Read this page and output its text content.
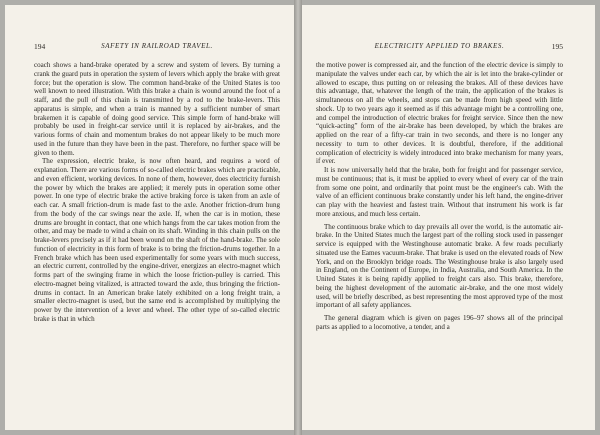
194	SAFETY IN RAILROAD TRAVEL.

coach shows a hand-brake operated by a screw and system of levers. By turning a crank the guard puts in operation the system of levers which apply the brake with great force; but the operation is slow. The common hand-brake of the United States is too well known to need illustration. With this brake a chain is wound around the foot of a staff, and the pull of this chain is transmitted by a rod to the brake-levers. This apparatus is simple, and when a train is manned by a sufficient number of smart brakemen it is capable of doing good service. This simple form of hand-brake will probably be used in freight-car service until it is replaced by air-brakes, and the various forms of chain and momentum brakes do not appear likely to be much more used in the future than they have been in the past. Therefore, no further space will be given to them.

The expression, electric brake, is now often heard, and requires a word of explanation. There are various forms of so-called electric brakes which are practicable, and even efficient, working devices. In none of them, however, does electricity furnish the power by which the brakes are applied; it merely puts in operation some other power. In one type of electric brake the active braking force is taken from an axle of each car. A small friction-drum is made fast to the axle. Another friction-drum hung from the body of the car swings near the axle. If, when the car is in motion, these drums are brought in contact, that one which hangs from the car takes motion from the other, and may be made to wind a chain on its shaft. Winding in this chain pulls on the brake-levers precisely as if it had been wound on the shaft of the hand-brake. The sole function of electricity in this form of brake is to bring the friction-drums together. In a French brake which has been used experimentally for some years with much success, an electric current, controlled by the engine-driver, energizes an electro-magnet which forms part of the swinging frame in which the loose friction-pulley is carried. This electro-magnet being vitalized, is attracted toward the axle, thus bringing the friction-drums in contact. In an American brake lately exhibited on a long freight train, a smaller electro-magnet is used, but the same end is accomplished by multiplying the power by the intervention of a lever and wheel. The other type of so-called electric brake is that in which

ELECTRICITY APPLIED TO BRAKES.	195

the motive power is compressed air, and the function of the electric device is simply to manipulate the valves under each car, by which the air is let into the brake-cylinder or allowed to escape, thus putting on or releasing the brakes. All of these devices have this advantage, that, whatever the length of the train, the application of the brakes is simultaneous on all the wheels, and stops can be made from high speed with little shock. Up to two years ago it seemed as if this advantage might be a controlling one, and compel the introduction of electric brakes for freight service. Since then the new “quick-acting” form of the air-brake has been developed, by which the brakes are applied on the rear of a fifty-car train in two seconds, and there is no longer any necessity to turn to other devices. It is doubtful, therefore, if the additional complication of electricity is widely introduced into brake mechanism for many years, if ever.

It is now universally held that the brake, both for freight and for passenger service, must be continuous; that is, it must be applied to every wheel of every car of the train from some one point, and ordinarily that point must be the engineer's cab. With the valve of an efficient continuous brake constantly under his left hand, the engine-driver can play with the heaviest and fastest train. Without that instrument his work is far more anxious, and much less certain.

The continuous brake which to day prevails all over the world, is the automatic air-brake. In the United States much the largest part of the rolling stock used in passenger service is equipped with the Westinghouse automatic brake. A few roads peculiarly situated use the Eames vacuum-brake. That brake is used on the elevated roads of New York, and on the Brooklyn bridge roads. The Westinghouse brake is also largely used in England, on the Continent of Europe, in India, Australia, and South America. In the United States it is being rapidly applied to freight cars also. This brake, therefore, being the highest development of the automatic air-brake, and the one most widely used, will be briefly described, as best representing the most approved type of the most important of all safety appliances.

The general diagram which is given on pages 196–97 shows all of the principal parts as applied to a locomotive, a tender, and a
